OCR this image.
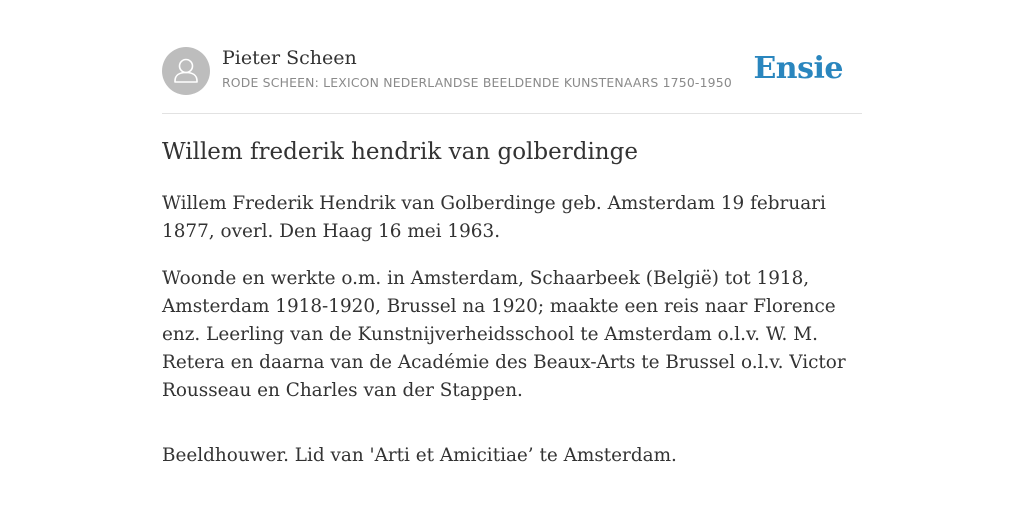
Pieter Scheen
RODE SCHEEN: LEXICON NEDERLANDSE BEELDENDE KUNSTENAARS 1750-1950 Ensie
Willem frederik hendrik van golberdinge

Willem Frederik Hendrik van Golberdinge geb. Amsterdam 19 februari 1877, overl. Den Haag 16 mei 1963.

Woonde en werkte o.m. in Amsterdam, Schaarbeek (België) tot 1918, Amsterdam 1918-1920, Brussel na 1920; maakte een reis naar Florence enz. Leerling van de Kunstnijverheidsschool te Amsterdam o.l.v. W. M. Retera en daarna van de Académie des Beaux-Arts te Brussel o.l.v. Victor Rousseau en Charles van der Stappen.

Beeldhouwer. Lid van 'Arti et Amicitiae’ te Amsterdam.
